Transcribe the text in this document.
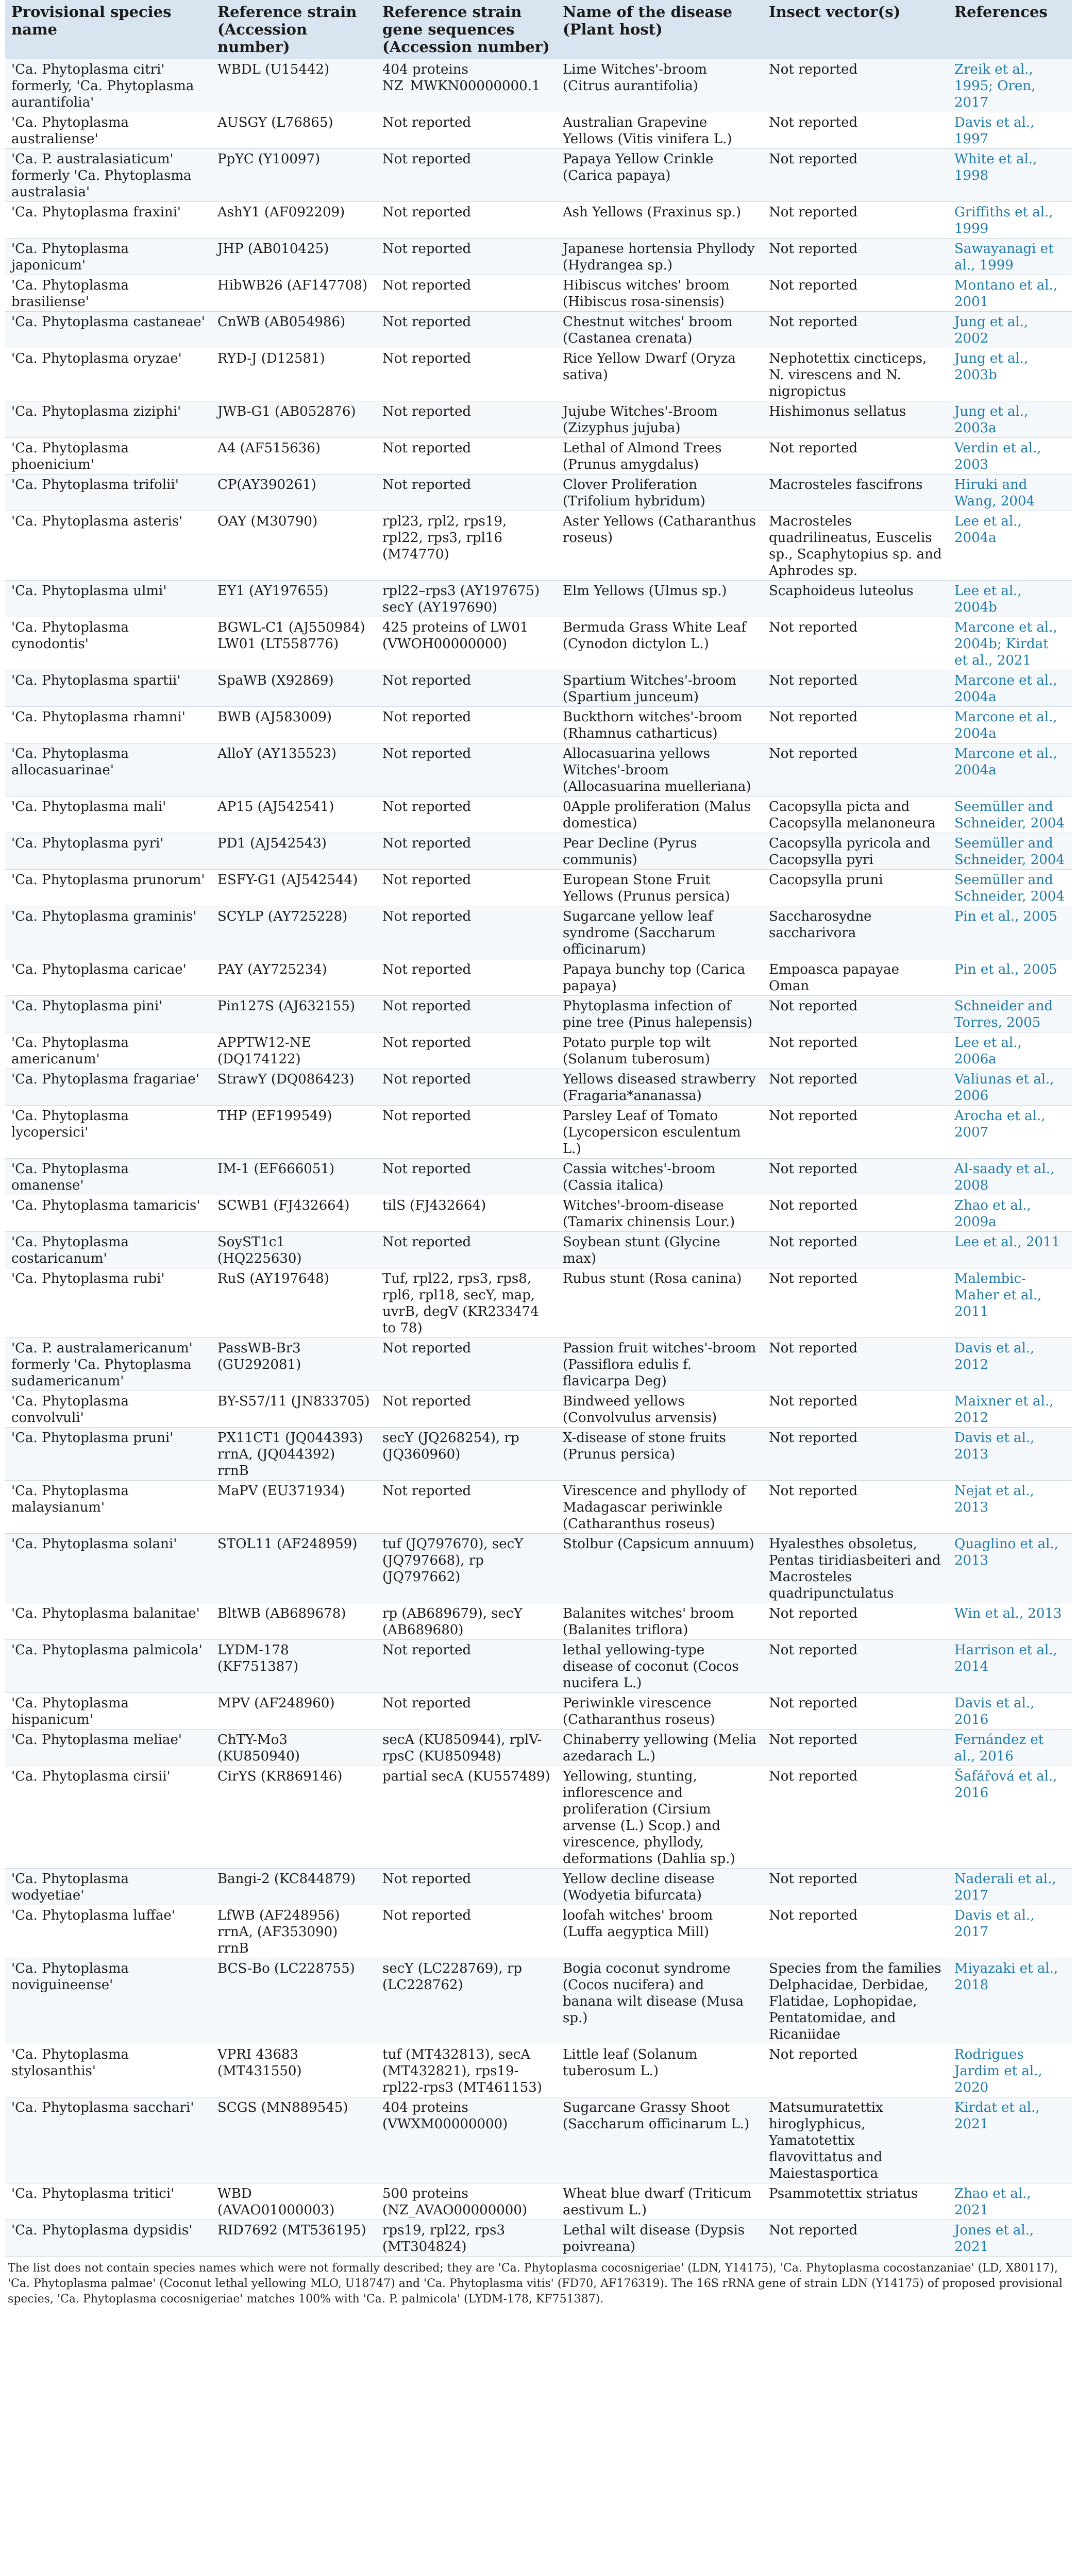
Provisional species name	Reference strain (Accession number)	Reference strain gene sequences (Accession number)	Name of the disease (Plant host)	Insect vector(s)	References
'Ca. Phytoplasma citri' formerly, 'Ca. Phytoplasma aurantifolia'	WBDL (U15442)	404 proteins NZ_MWKN00000000.1	Lime Witches'-broom (Citrus aurantifolia)	Not reported	Zreik et al., 1995; Oren, 2017
'Ca. Phytoplasma australiense'	AUSGY (L76865)	Not reported	Australian Grapevine Yellows (Vitis vinifera L.)	Not reported	Davis et al., 1997
'Ca. P. australasiaticum' formerly 'Ca. Phytoplasma australasia'	PpYC (Y10097)	Not reported	Papaya Yellow Crinkle (Carica papaya)	Not reported	White et al., 1998
'Ca. Phytoplasma fraxini'	AshY1 (AF092209)	Not reported	Ash Yellows (Fraxinus sp.)	Not reported	Griffiths et al., 1999
'Ca. Phytoplasma japonicum'	JHP (AB010425)	Not reported	Japanese hortensia Phyllody (Hydrangea sp.)	Not reported	Sawayanagi et al., 1999
'Ca. Phytoplasma brasiliense'	HibWB26 (AF147708)	Not reported	Hibiscus witches' broom (Hibiscus rosa-sinensis)	Not reported	Montano et al., 2001
'Ca. Phytoplasma castaneae'	CnWB (AB054986)	Not reported	Chestnut witches' broom (Castanea crenata)	Not reported	Jung et al., 2002
'Ca. Phytoplasma oryzae'	RYD-J (D12581)	Not reported	Rice Yellow Dwarf (Oryza sativa)	Nephotettix cincticeps, N. virescens and N. nigropictus	Jung et al., 2003b
'Ca. Phytoplasma ziziphi'	JWB-G1 (AB052876)	Not reported	Jujube Witches'-Broom (Zizyphus jujuba)	Hishimonus sellatus	Jung et al., 2003a
'Ca. Phytoplasma phoenicium'	A4 (AF515636)	Not reported	Lethal of Almond Trees (Prunus amygdalus)	Not reported	Verdin et al., 2003
'Ca. Phytoplasma trifolii'	CP(AY390261)	Not reported	Clover Proliferation (Trifolium hybridum)	Macrosteles fascifrons	Hiruki and Wang, 2004
'Ca. Phytoplasma asteris'	OAY (M30790)	rpl23, rpl2, rps19, rpl22, rps3, rpl16 (M74770)	Aster Yellows (Catharanthus roseus)	Macrosteles quadrilineatus, Euscelis sp., Scaphytopius sp. and Aphrodes sp.	Lee et al., 2004a
'Ca. Phytoplasma ulmi'	EY1 (AY197655)	rpl22–rps3 (AY197675) secY (AY197690)	Elm Yellows (Ulmus sp.)	Scaphoideus luteolus	Lee et al., 2004b
'Ca. Phytoplasma cynodontis'	BGWL-C1 (AJ550984) LW01 (LT558776)	425 proteins of LW01 (VWOH00000000)	Bermuda Grass White Leaf (Cynodon dictylon L.)	Not reported	Marcone et al., 2004b; Kirdat et al., 2021
'Ca. Phytoplasma spartii'	SpaWB (X92869)	Not reported	Spartium Witches'-broom (Spartium junceum)	Not reported	Marcone et al., 2004a
'Ca. Phytoplasma rhamni'	BWB (AJ583009)	Not reported	Buckthorn witches'-broom (Rhamnus catharticus)	Not reported	Marcone et al., 2004a
'Ca. Phytoplasma allocasuarinae'	AlloY (AY135523)	Not reported	Allocasuarina yellows Witches'-broom (Allocasuarina muelleriana)	Not reported	Marcone et al., 2004a
'Ca. Phytoplasma mali'	AP15 (AJ542541)	Not reported	0Apple proliferation (Malus domestica)	Cacopsylla picta and Cacopsylla melanoneura	Seemüller and Schneider, 2004
'Ca. Phytoplasma pyri'	PD1 (AJ542543)	Not reported	Pear Decline (Pyrus communis)	Cacopsylla pyricola and Cacopsylla pyri	Seemüller and Schneider, 2004
'Ca. Phytoplasma prunorum'	ESFY-G1 (AJ542544)	Not reported	European Stone Fruit Yellows (Prunus persica)	Cacopsylla pruni	Seemüller and Schneider, 2004
'Ca. Phytoplasma graminis'	SCYLP (AY725228)	Not reported	Sugarcane yellow leaf syndrome (Saccharum officinarum)	Saccharosydne saccharivora	Pin et al., 2005
'Ca. Phytoplasma caricae'	PAY (AY725234)	Not reported	Papaya bunchy top (Carica papaya)	Empoasca papayae Oman	Pin et al., 2005
'Ca. Phytoplasma pini'	Pin127S (AJ632155)	Not reported	Phytoplasma infection of pine tree (Pinus halepensis)	Not reported	Schneider and Torres, 2005
'Ca. Phytoplasma americanum'	APPTW12-NE (DQ174122)	Not reported	Potato purple top wilt (Solanum tuberosum)	Not reported	Lee et al., 2006a
'Ca. Phytoplasma fragariae'	StrawY (DQ086423)	Not reported	Yellows diseased strawberry (Fragaria*ananassa)	Not reported	Valiunas et al., 2006
'Ca. Phytoplasma lycopersici'	THP (EF199549)	Not reported	Parsley Leaf of Tomato (Lycopersicon esculentum L.)	Not reported	Arocha et al., 2007
'Ca. Phytoplasma omanense'	IM-1 (EF666051)	Not reported	Cassia witches'-broom (Cassia italica)	Not reported	Al-saady et al., 2008
'Ca. Phytoplasma tamaricis'	SCWB1 (FJ432664)	tilS (FJ432664)	Witches'-broom-disease (Tamarix chinensis Lour.)	Not reported	Zhao et al., 2009a
'Ca. Phytoplasma costaricanum'	SoyST1c1 (HQ225630)	Not reported	Soybean stunt (Glycine max)	Not reported	Lee et al., 2011
'Ca. Phytoplasma rubi'	RuS (AY197648)	Tuf, rpl22, rps3, rps8, rpl6, rpl18, secY, map, uvrB, degV (KR233474 to 78)	Rubus stunt (Rosa canina)	Not reported	Malembic-Maher et al., 2011
'Ca. P. australamericanum' formerly 'Ca. Phytoplasma sudamericanum'	PassWB-Br3 (GU292081)	Not reported	Passion fruit witches'-broom (Passiflora edulis f. flavicarpa Deg)	Not reported	Davis et al., 2012
'Ca. Phytoplasma convolvuli'	BY-S57/11 (JN833705)	Not reported	Bindweed yellows (Convolvulus arvensis)	Not reported	Maixner et al., 2012
'Ca. Phytoplasma pruni'	PX11CT1 (JQ044393) rrnA, (JQ044392) rrnB	secY (JQ268254), rp (JQ360960)	X-disease of stone fruits (Prunus persica)	Not reported	Davis et al., 2013
'Ca. Phytoplasma malaysianum'	MaPV (EU371934)	Not reported	Virescence and phyllody of Madagascar periwinkle (Catharanthus roseus)	Not reported	Nejat et al., 2013
'Ca. Phytoplasma solani'	STOL11 (AF248959)	tuf (JQ797670), secY (JQ797668), rp (JQ797662)	Stolbur (Capsicum annuum)	Hyalesthes obsoletus, Pentas tiridiasbeiteri and Macrosteles quadripunctulatus	Quaglino et al., 2013
'Ca. Phytoplasma balanitae'	BltWB (AB689678)	rp (AB689679), secY (AB689680)	Balanites witches' broom (Balanites triflora)	Not reported	Win et al., 2013
'Ca. Phytoplasma palmicola'	LYDM-178 (KF751387)	Not reported	lethal yellowing-type disease of coconut (Cocos nucifera L.)	Not reported	Harrison et al., 2014
'Ca. Phytoplasma hispanicum'	MPV (AF248960)	Not reported	Periwinkle virescence (Catharanthus roseus)	Not reported	Davis et al., 2016
'Ca. Phytoplasma meliae'	ChTY-Mo3 (KU850940)	secA (KU850944), rplV-rpsC (KU850948)	Chinaberry yellowing (Melia azedarach L.)	Not reported	Fernández et al., 2016
'Ca. Phytoplasma cirsii'	CirYS (KR869146)	partial secA (KU557489)	Yellowing, stunting, inflorescence and proliferation (Cirsium arvense (L.) Scop.) and virescence, phyllody, deformations (Dahlia sp.)	Not reported	Šafářová et al., 2016
'Ca. Phytoplasma wodyetiae'	Bangi-2 (KC844879)	Not reported	Yellow decline disease (Wodyetia bifurcata)	Not reported	Naderali et al., 2017
'Ca. Phytoplasma luffae'	LfWB (AF248956) rrnA, (AF353090) rrnB	Not reported	loofah witches' broom (Luffa aegyptica Mill)	Not reported	Davis et al., 2017
'Ca. Phytoplasma noviguineense'	BCS-Bo (LC228755)	secY (LC228769), rp (LC228762)	Bogia coconut syndrome (Cocos nucifera) and banana wilt disease (Musa sp.)	Species from the families Delphacidae, Derbidae, Flatidae, Lophopidae, Pentatomidae, and Ricaniidae	Miyazaki et al., 2018
'Ca. Phytoplasma stylosanthis'	VPRI 43683 (MT431550)	tuf (MT432813), secA (MT432821), rps19-rpl22-rps3 (MT461153)	Little leaf (Solanum tuberosum L.)	Not reported	Rodrigues Jardim et al., 2020
'Ca. Phytoplasma sacchari'	SCGS (MN889545)	404 proteins (VWXM00000000)	Sugarcane Grassy Shoot (Saccharum officinarum L.)	Matsumuratettix hiroglyphicus, Yamatotettix flavovittatus and Maiestasportica	Kirdat et al., 2021
'Ca. Phytoplasma tritici'	WBD (AVAO01000003)	500 proteins (NZ_AVAO00000000)	Wheat blue dwarf (Triticum aestivum L.)	Psammotettix striatus	Zhao et al., 2021
'Ca. Phytoplasma dypsidis'	RID7692 (MT536195)	rps19, rpl22, rps3 (MT304824)	Lethal wilt disease (Dypsis poivreana)	Not reported	Jones et al., 2021
The list does not contain species names which were not formally described; they are 'Ca. Phytoplasma cocosnigeriae' (LDN, Y14175), 'Ca. Phytoplasma cocostanzaniae' (LD, X80117), 'Ca. Phytoplasma palmae' (Coconut lethal yellowing MLO, U18747) and 'Ca. Phytoplasma vitis' (FD70, AF176319). The 16S rRNA gene of strain LDN (Y14175) of proposed provisional species, 'Ca. Phytoplasma cocosnigeriae' matches 100% with 'Ca. P. palmicola' (LYDM-178, KF751387).
